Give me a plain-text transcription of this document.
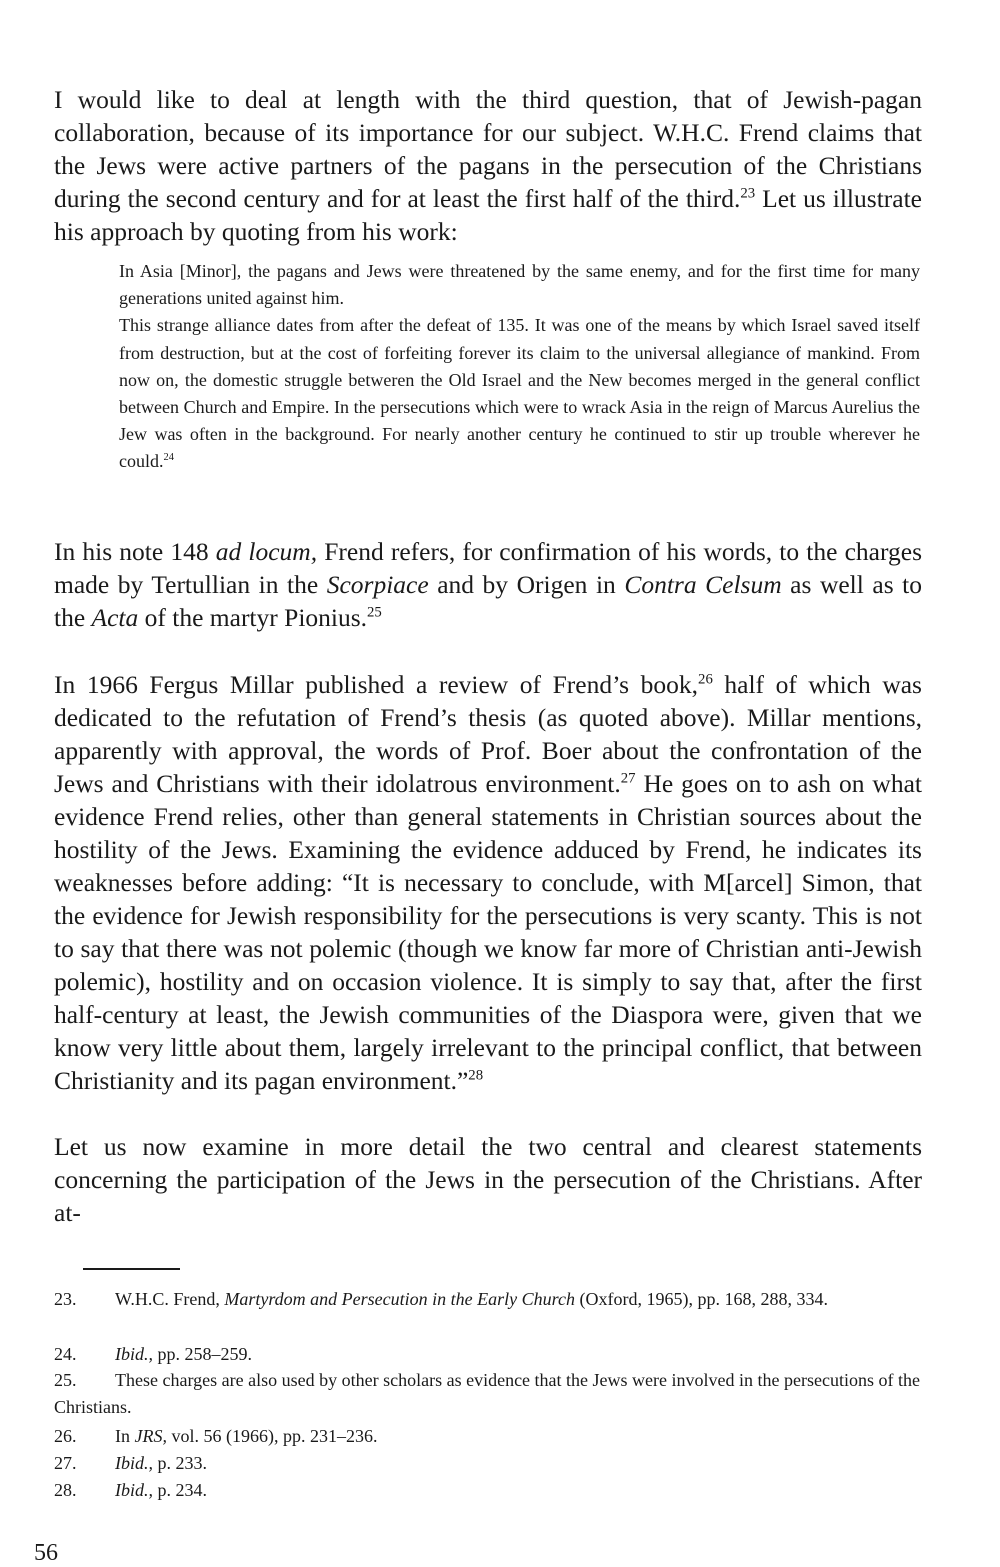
I would like to deal at length with the third question, that of Jewish-pagan collaboration, because of its importance for our subject. W.H.C. Frend claims that the Jews were active partners of the pagans in the persecution of the Christians during the second century and for at least the first half of the third.$^{23}$ Let us illustrate his approach by quoting from his work:

In Asia [Minor], the pagans and Jews were threatened by the same enemy, and for the first time for many generations united against him.

This strange alliance dates from after the defeat of 135. It was one of the means by which Israel saved itself from destruction, but at the cost of forfeiting forever its claim to the universal allegiance of mankind. From now on, the domestic struggle betweren the Old Israel and the New becomes merged in the general conflict between Church and Empire. In the persecutions which were to wrack Asia in the reign of Marcus Aurelius the Jew was often in the background. For nearly another century he continued to stir up trouble wherever he could.$^{24}$

In his note 148 ad locum, Frend refers, for confirmation of his words, to the charges made by Tertullian in the Scorpiace and by Origen in Contra Celsum as well as to the Acta of the martyr Pionius.$^{25}$

In 1966 Fergus Millar published a review of Frend’s book,$^{26}$ half of which was dedicated to the refutation of Frend’s thesis (as quoted above). Millar mentions, apparently with approval, the words of Prof. Boer about the confrontation of the Jews and Christians with their idolatrous environment.$^{27}$ He goes on to ash on what evidence Frend relies, other than general statements in Christian sources about the hostility of the Jews. Examining the evidence adduced by Frend, he indicates its weaknesses before adding: “It is necessary to conclude, with M[arcel] Simon, that the evidence for Jewish responsibility for the persecutions is very scanty. This is not to say that there was not polemic (though we know far more of Christian anti-Jewish polemic), hostility and on occasion violence. It is simply to say that, after the first half-century at least, the Jewish communities of the Diaspora were, given that we know very little about them, largely irrelevant to the principal conflict, that between Christianity and its pagan environment.”$^{28}$

Let us now examine in more detail the two central and clearest statements concerning the participation of the Jews in the persecution of the Christians. After at-

23. W.H.C. Frend, Martyrdom and Persecution in the Early Church (Oxford, 1965), pp. 168, 288, 334.

24. Ibid., pp. 258–259.

25. These charges are also used by other scholars as evidence that the Jews were involved in the persecutions of the Christians.

26. In JRS, vol. 56 (1966), pp. 231–236.

27. Ibid., p. 233.

28. Ibid., p. 234.

56
